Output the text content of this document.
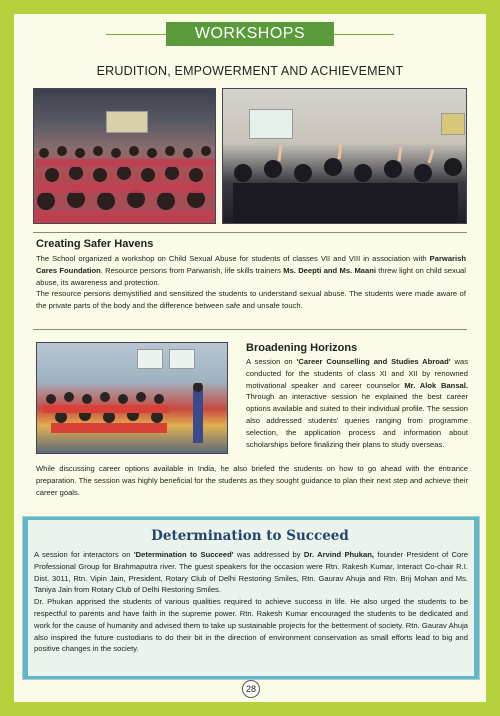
WORKSHOPS
ERUDITION, EMPOWERMENT AND ACHIEVEMENT
Creating Safer Havens

The School organized a workshop on Child Sexual Abuse for students of classes VII and VIII in association with Parwarish Cares Foundation. Resource persons from Parwarish, life skills trainers Ms. Deepti and Ms. Maani threw light on child sexual abuse, its awareness and protection.

The resource persons demystified and sensitized the students to understand sexual abuse. The students were made aware of the private parts of the body and the difference between safe and unsafe touch.

Broadening Horizons

A session on 'Career Counselling and Studies Abroad' was conducted for the students of class XI and XII by renowned motivational speaker and career counselor Mr. Alok Bansal. Through an interactive session he explained the best career options available and suited to their individual profile. The session also addressed students' queries ranging from programme selection, the application process and information about scholarships before finalizing their plans to study overseas.

While discussing career options available in India, he also briefed the students on how to go ahead with the entrance preparation. The session was highly beneficial for the students as they sought guidance to plan their next step and achieve their career goals.

Determination to Succeed

A session for interactors on 'Determination to Succeed' was addressed by Dr. Arvind Phukan, founder President of Core Professional Group for Brahmaputra river. The guest speakers for the occasion were Rtn. Rakesh Kumar, Interact Co-chair R.I. Dist. 3011, Rtn. Vipin Jain, President, Rotary Club of Delhi Restoring Smiles, Rtn. Gaurav Ahuja and Rtn. Brij Mohan and Ms. Taniya Jain from Rotary Club of Delhi Restoring Smiles.

Dr. Phukan apprised the students of various qualities required to achieve success in life. He also urged the students to be respectful to parents and have faith in the supreme power. Rtn. Rakesh Kumar encouraged the students to be dedicated and work for the cause of humanity and advised them to take up sustainable projects for the betterment of society. Rtn. Gaurav Ahuja also inspired the future custodians to do their bit in the direction of environment conservation as small efforts lead to big and positive changes in the society.

28
